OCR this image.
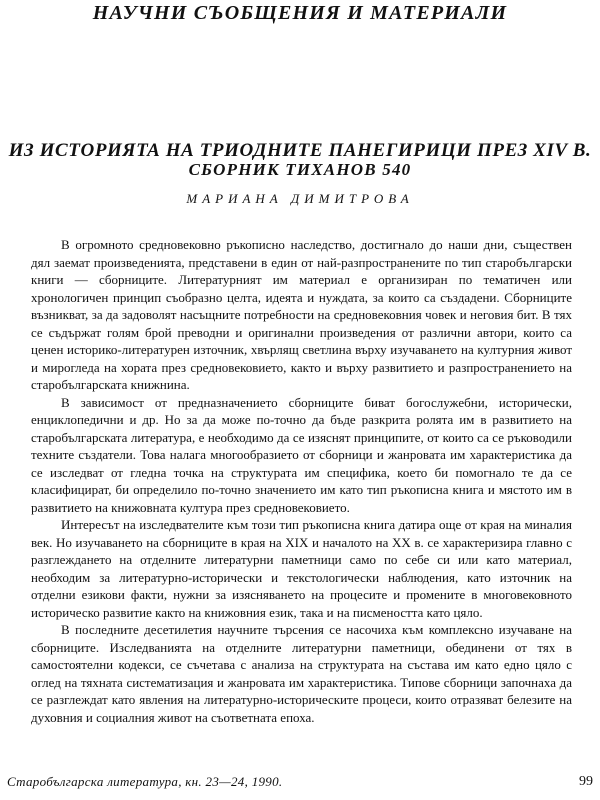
НАУЧНИ СЪОБЩЕНИЯ И МАТЕРИАЛИ
ИЗ ИСТОРИЯТА НА ТРИОДНИТЕ ПАНЕГИРИЦИ ПРЕЗ XIV В.
СБОРНИК ТИХАНОВ 540
МАРИАНА ДИМИТРОВА

В огромното средновековно ръкописно наследство, достигнало до наши дни, съществен дял заемат произведенията, представени в един от най-разпространените по тип старобългарски книги — сборниците. Литературният им материал е организиран по тематичен или хронологичен принцип съобразно целта, идеята и нуждата, за които са създадени. Сборниците възникват, за да задоволят насъщните потребности на средновековния човек и неговия бит. В тях се съдържат голям брой преводни и оригинални произведения от различни автори, които са ценен историко-литературен източник, хвърлящ светлина върху изучаването на културния живот и мирогледа на хората през средновековието, както и върху развитието и разпространението на старобългарската книжнина.

В зависимост от предназначението сборниците биват богослужебни, исторически, енциклопедични и др. Но за да може по-точно да бъде разкрита ролята им в развитието на старобългарската литература, е необходимо да се изяснят принципите, от които са се ръководили техните създатели. Това налага многообразието от сборници и жанровата им характеристика да се изследват от гледна точка на структурата им специфика, което би помогнало те да се класифицират, би определило по-точно значението им като тип ръкописна книга и мястото им в развитието на книжовната култура през средновековието.

Интересът на изследвателите към този тип ръкописна книга датира още от края на миналия век. Но изучаването на сборниците в края на XIX и началото на XX в. се характеризира главно с разглеждането на отделните литературни паметници само по себе си или като материал, необходим за литературно-исторически и текстологически наблюдения, като източник на отделни езикови факти, нужни за изясняването на процесите и промените в многовековното историческо развитие както на книжовния език, така и на писмеността като цяло.

В последните десетилетия научните търсения се насочиха към комплексно изучаване на сборниците. Изследванията на отделните литературни паметници, обединени от тях в самостоятелни кодекси, се съчетава с анализа на структурата на състава им като едно цяло с оглед на тяхната систематизация и жанровата им характеристика. Типове сборници започнаха да се разглеждат като явления на литературно-историческите процеси, които отразяват белезите на духовния и социалния живот на съответната епоха.

Старобългарска литература, кн. 23—24, 1990.	99
